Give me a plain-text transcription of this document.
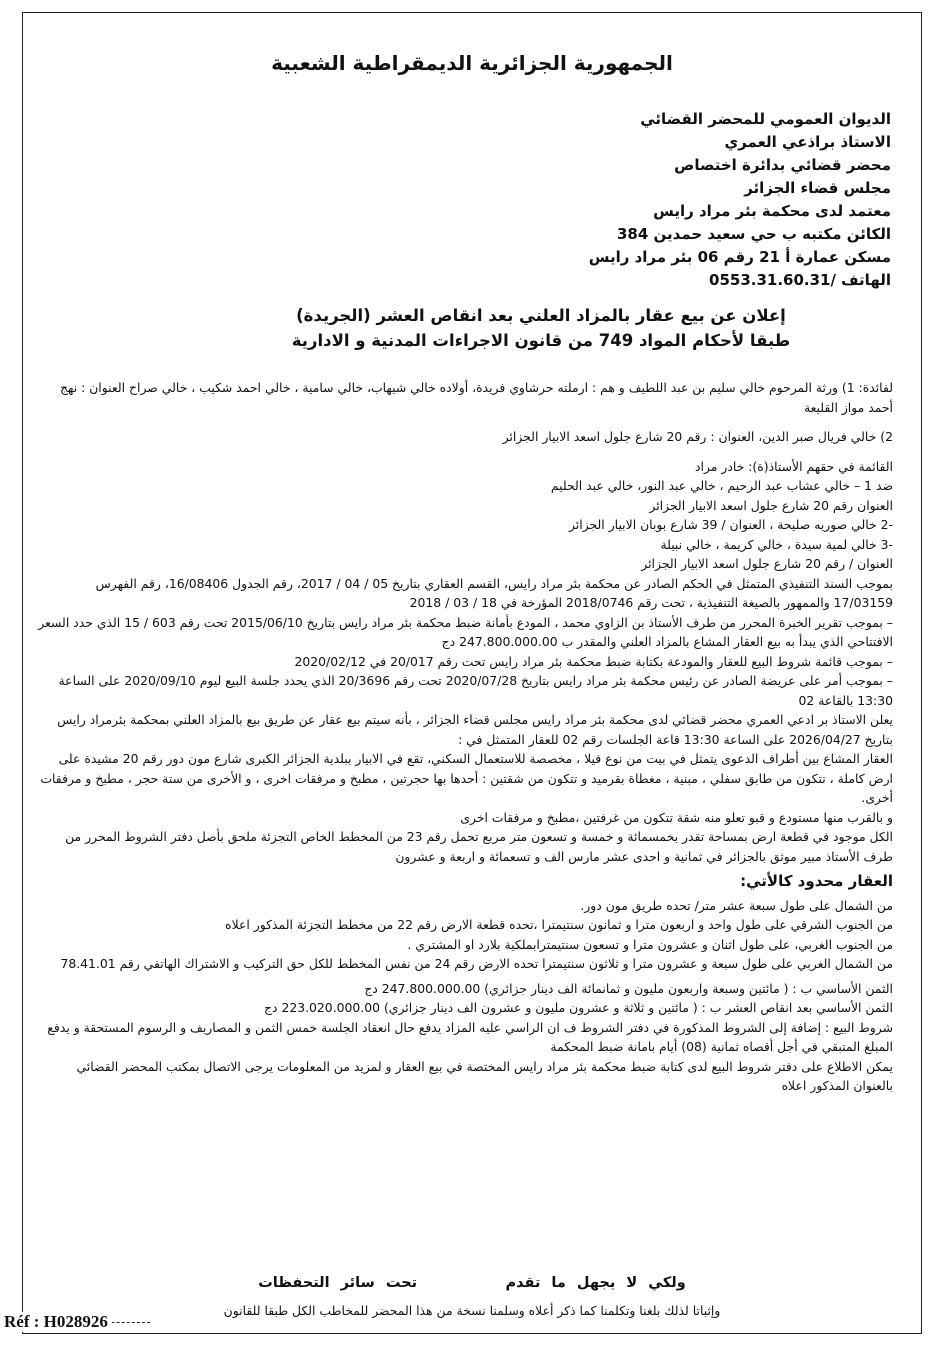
الجمهورية الجزائرية الديمقراطية الشعبية
الديوان العمومي للمحضر القضائي
الاستاذ براذعي العمري
محضر قضائي بدائرة اختصاص
مجلس قضاء الجزائر
معتمد لدى محكمة بئر مراد رايس
الكائن مكتبه ب حي سعيد حمدين 384
مسكن عمارة أ 21 رقم 06 بئر مراد رايس
الهاتف /0553.31.60.31
إعلان عن بيع عقار بالمزاد العلني بعد انقاص العشر (الجريدة)
طبقا لأحكام المواد 749 من قانون الاجراءات المدنية و الادارية

لفائدة: 1) ورثة المرحوم خالي سليم بن عبد اللطيف و هم : ارملته حرشاوي فريدة، أولاده خالي شيهاب، خالي سامية ، خالي احمد شكيب ، خالي صراح العنوان : نهج أحمد مواز القليعة

2) خالي فريال صبر الدين، العنوان : رقم 20 شارع جلول اسعد الابيار الجزائر

القائمة في حقهم الأستاذ(ة): خادر مراد

ضد 1 – خالي عشاب عبد الرحيم ، خالي عبد النور، خالي عبد الحليم

العنوان رقم 20 شارع جلول اسعد الابيار الجزائر

-2 خالي صوريه صليحة ، العنوان / 39 شارع بوبان الابيار الجزائر

-3 خالي لمية سيدة ، خالي كريمة ، خالي نبيلة

العنوان / رقم 20 شارع جلول اسعد الابيار الجزائر

بموجب السند التنفيذي المتمثل في الحكم الصادر عن محكمة بئر مراد رايس، القسم العقاري بتاريخ 05 / 04 / 2017، رقم الجدول 16/08406، رقم الفهرس 17/03159 والممهور بالصيغة التنفيذية ، تحت رقم 2018/0746 المؤرخة في 18 / 03 / 2018

– بموجب تقرير الخبرة المحرر من طرف الأستاذ بن الزاوي محمد ، المودع بأمانة ضبط محكمة بئر مراد رايس بتاريخ 2015/06/10 تحت رقم 603 / 15 الذي حدد السعر الافتتاحي الذي يبدأ به بيع العقار المشاع بالمزاد العلني والمقدر ب 247.800.000.00 دج

– بموجب قائمة شروط البيع للعقار والمودعة بكتابة ضبط محكمة بئر مراد رايس تحت رقم 20/017 في 2020/02/12

– بموجب أمر على عريضة الصادر عن رئيس محكمة بئر مراد رايس بتاريخ 2020/07/28 تحت رقم 20/3696 الذي يحدد جلسة البيع ليوم 2020/09/10 على الساعة 13:30 بالقاعة 02

يعلن الاستاذ بر ادعي العمري محضر قضائي لدى محكمة بئر مراد رايس مجلس قضاء الجزائر ، بأنه سيتم بيع عقار عن طريق بيع بالمزاد العلني بمحكمة بئرمراد رايس بتاريخ 2026/04/27 على الساعة 13:30 قاعة الجلسات رقم 02 للعقار المتمثل في :

العقار المشاع بين أطراف الدعوى يتمثل في بيت من نوع فيلا ، مخصصة للاستعمال السكني، تقع في الابيار ببلدية الجزائر الكبرى شارع مون دور رقم 20 مشيدة على ارض كاملة ، تتكون من طابق سفلي ، مبنية ، مغطاة بقرميد و تتكون من شقتين : أحدها بها حجرتين ، مطبخ و مرفقات اخرى ، و الأخرى من ستة حجر ، مطبخ و مرفقات أخرى.

و بالقرب منها مستودع و قبو تعلو منه شقة تتكون من غرفتين ،مطبخ و مرفقات اخرى

الكل موجود في قطعة ارض بمساحة تقدر بخمسمائة و خمسة و تسعون متر مربع تحمل رقم 23 من المخطط الخاص التجزئة ملحق بأصل دفتر الشروط المحرر من طرف الأستاذ مبير موثق بالجزائر في ثمانية و احدى عشر مارس الف و تسعمائة و اربعة و عشرون

العقار محدود كالأتي:

من الشمال على طول سبعة عشر متر/ تحده طريق مون دور.

من الجنوب الشرقي على طول واحد و اربعون مترا و ثمانون سنتيمترا ،تحده قطعة الارض رقم 22 من مخطط التجزئة المذكور اعلاه

من الجنوب الغربي، على طول اثنان و عشرون مترا و تسعون سنتيمترابملكية بلارد او المشتري .

من الشمال الغربي على طول سبعة و عشرون مترا و ثلاثون سنتيمترا تحده الارض رقم 24 من نفس المخطط للكل حق التركيب و الاشتراك الهاتفي رقم 78.41.01

الثمن الأساسي ب : ( مائتين وسبعة واربعون مليون و ثمانمائة الف دينار جزائري) 247.800.000.00 دج

الثمن الأساسي بعد انقاص العشر ب : ( مائتين و ثلاثة و عشرون مليون و عشرون الف دينار جزائري) 223.020.000.00 دج

شروط البيع : إضافة إلى الشروط المذكورة في دفتر الشروط ف ان الراسي عليه المزاد يدفع حال انعقاد الجلسة خمس الثمن و المصاريف و الرسوم المستحقة و يدفع المبلغ المتبقي في أجل أقصاه ثمانية (08) أيام بامانة ضبط المحكمة

يمكن الاطلاع على دفتر شروط البيع لدى كتابة ضبط محكمة بئر مراد رايس المختصة في بيع العقار و لمزيد من المعلومات يرجى الاتصال بمكتب المحضر القضائي بالعنوان المذكور اعلاه

ولكي لا يجهل ما تقدم        تحت سائر التحفظات
وإثباتا لذلك بلغنا وتكلمنا كما ذكر أعلاه وسلمنا نسخة من هذا المحضر للمخاطب الكل طبقا للقانون
Réf : H028926
